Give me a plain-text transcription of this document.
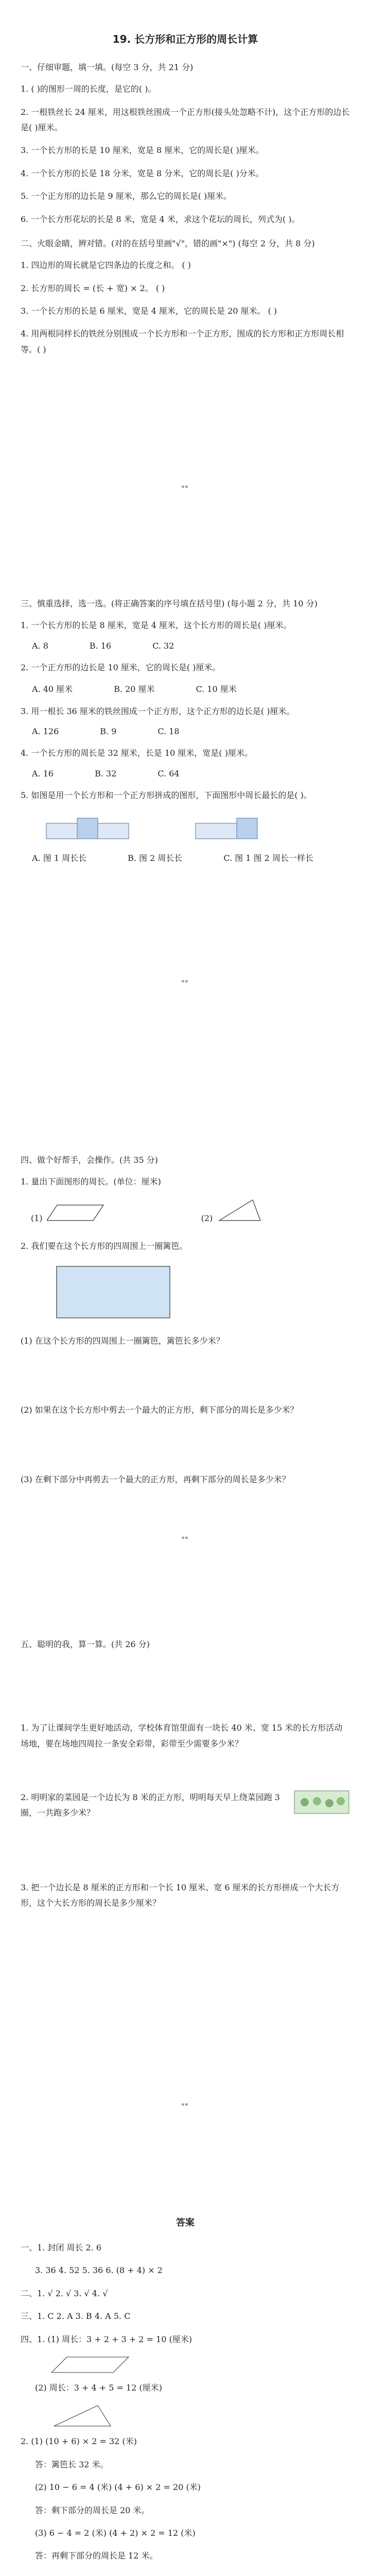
19. 长方形和正方形的周长计算
一、仔细审题，填一填。(每空 3 分，共 21 分)
1. ( )的图形一周的长度，是它的( )。
2. 一根铁丝长 24 厘米，用这根铁丝围成一个正方形(接头处忽略不计)，这个正方形的边长是( )厘米。
3. 一个长方形的长是 10 厘米，宽是 8 厘米，它的周长是( )厘米。
4. 一个长方形的长是 18 分米，宽是 8 分米，它的周长是( )分米。
5. 一个正方形的边长是 9 厘米，那么它的周长是( )厘米。
6. 一个长方形花坛的长是 8 米，宽是 4 米，求这个花坛的周长，列式为( )。
二、火眼金睛，辨对错。(对的在括号里画"√"，错的画"×") (每空 2 分，共 8 分)
1. 四边形的周长就是它四条边的长度之和。 ( )
2. 长方形的周长 = (长 + 宽) × 2。 ( )
3. 一个长方形的长是 6 厘米，宽是 4 厘米，它的周长是 20 厘米。 ( )
4. 用两根同样长的铁丝分别围成一个长方形和一个正方形，围成的长方形和正方形周长相等。( )
**
三、慎重选择，选一选。(将正确答案的序号填在括号里) (每小题 2 分，共 10 分)
1. 一个长方形的长是 8 厘米，宽是 4 厘米，这个长方形的周长是( )厘米。
A. 8	B. 16	C. 32
2. 一个正方形的边长是 10 厘米，它的周长是( )厘米。
A. 40 厘米	B. 20 厘米	C. 10 厘米
3. 用一根长 36 厘米的铁丝围成一个正方形，这个正方形的边长是( )厘米。
A. 126	B. 9	C. 18
4. 一个长方形的周长是 32 厘米，长是 10 厘米，宽是( )厘米。
A. 16	B. 32	C. 64
5. 如图是用一个长方形和一个正方形拼成的图形，下面图形中周长最长的是( )。
A. 图 1 周长长	B. 图 2 周长长	C. 图 1 图 2 周长一样长
**
四、做个好帮手，会操作。(共 35 分)
1. 量出下面图形的周长。(单位：厘米)
(1)	(2)
2. 我们要在这个长方形的四周围上一圈篱笆。
(1) 在这个长方形的四周围上一圈篱笆，篱笆长多少米？
(2) 如果在这个长方形中剪去一个最大的正方形，剩下部分的周长是多少米？
(3) 在剩下部分中再剪去一个最大的正方形，再剩下部分的周长是多少米？
**
五、聪明的我，算一算。(共 26 分)
1. 为了让课间学生更好地活动，学校体育馆里面有一块长 40 米、宽 15 米的长方形活动场地，要在场地四周拉一条安全彩带，彩带至少需要多少米？
2. 明明家的菜园是一个边长为 8 米的正方形，明明每天早上绕菜园跑 3 圈，一共跑多少米？
3. 把一个边长是 8 厘米的正方形和一个长 10 厘米、宽 6 厘米的长方形拼成一个大长方形，这个大长方形的周长是多少厘米？
**
答案
一、1. 封闭 周长 2. 6
3. 36 4. 52 5. 36 6. (8 + 4) × 2
二、1. √ 2. √ 3. √ 4. √
三、1. C 2. A 3. B 4. A 5. C
四、1. (1) 周长：3 + 2 + 3 + 2 = 10 (厘米)
(2) 周长：3 + 4 + 5 = 12 (厘米)
2. (1) (10 + 6) × 2 = 32 (米)
答：篱笆长 32 米。
(2) 10 − 6 = 4 (米) (4 + 6) × 2 = 20 (米)
答：剩下部分的周长是 20 米。
(3) 6 − 4 = 2 (米) (4 + 2) × 2 = 12 (米)
答：再剩下部分的周长是 12 米。
